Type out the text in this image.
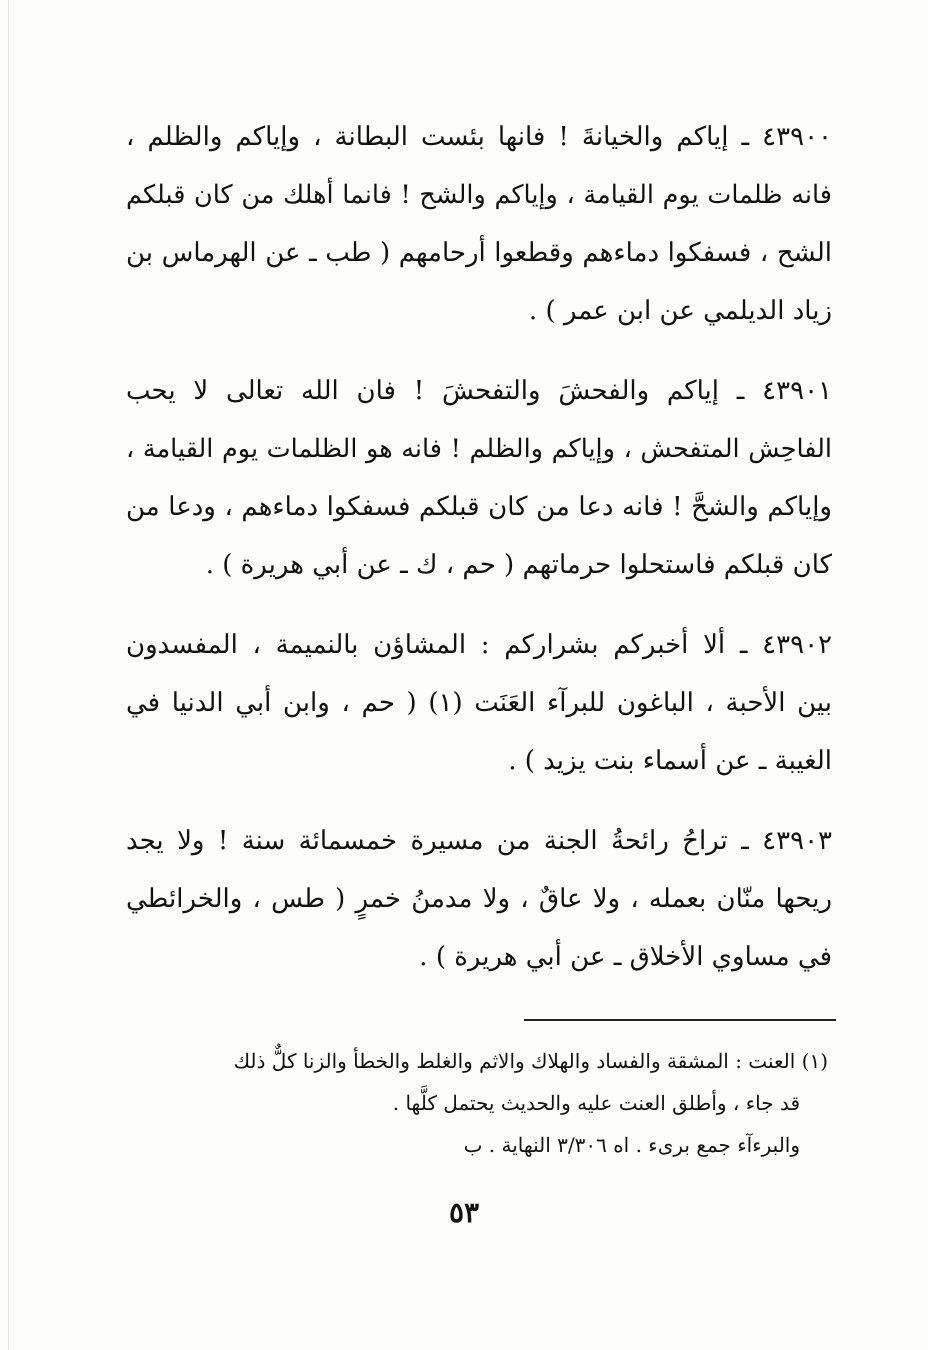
٤٣٩٠٠ ـ إياكم والخيانةَ ! فانها بئست البطانة ، وإياكم والظلم ،
فانه ظلمات يوم القيامة ، وإياكم والشح ! فانما أهلك من كان قبلكم
الشح ، فسفكوا دماءهم وقطعوا أرحامهم ( طب ـ عن الهرماس بن
زياد الديلمي عن ابن عمر ) .

٤٣٩٠١ ـ إياكم والفحشَ والتفحشَ ! فان الله تعالى لا يحب
الفاحِش المتفحش ، وإياكم والظلم ! فانه هو الظلمات يوم القيامة ،
وإياكم والشحَّ ! فانه دعا من كان قبلكم فسفكوا دماءهم ، ودعا من
كان قبلكم فاستحلوا حرماتهم ( حم ، ك ـ عن أبي هريرة ) .

٤٣٩٠٢ ـ ألا أخبركم بشراركم : المشاؤن بالنميمة ، المفسدون
بين الأحبة ، الباغون للبرآء العَنَت (١) ( حم ، وابن أبي الدنيا في
الغيبة ـ عن أسماء بنت يزيد ) .

٤٣٩٠٣ ـ تراحُ رائحةُ الجنة من مسيرة خمسمائة سنة ! ولا يجد
ريحها منّان بعمله ، ولا عاقٌ ، ولا مدمنُ خمرٍ ( طس ، والخرائطي
في مساوي الأخلاق ـ عن أبي هريرة ) .

(١) العنت : المشقة والفساد والهلاك والاثم والغلط والخطأ والزنا كلٌّ ذلك
قد جاء ، وأطلق العنت عليه والحديث يحتمل كلَّها .
والبرءآء جمع برىء . اه ٣/٣٠٦ النهاية . ب
٥٣
